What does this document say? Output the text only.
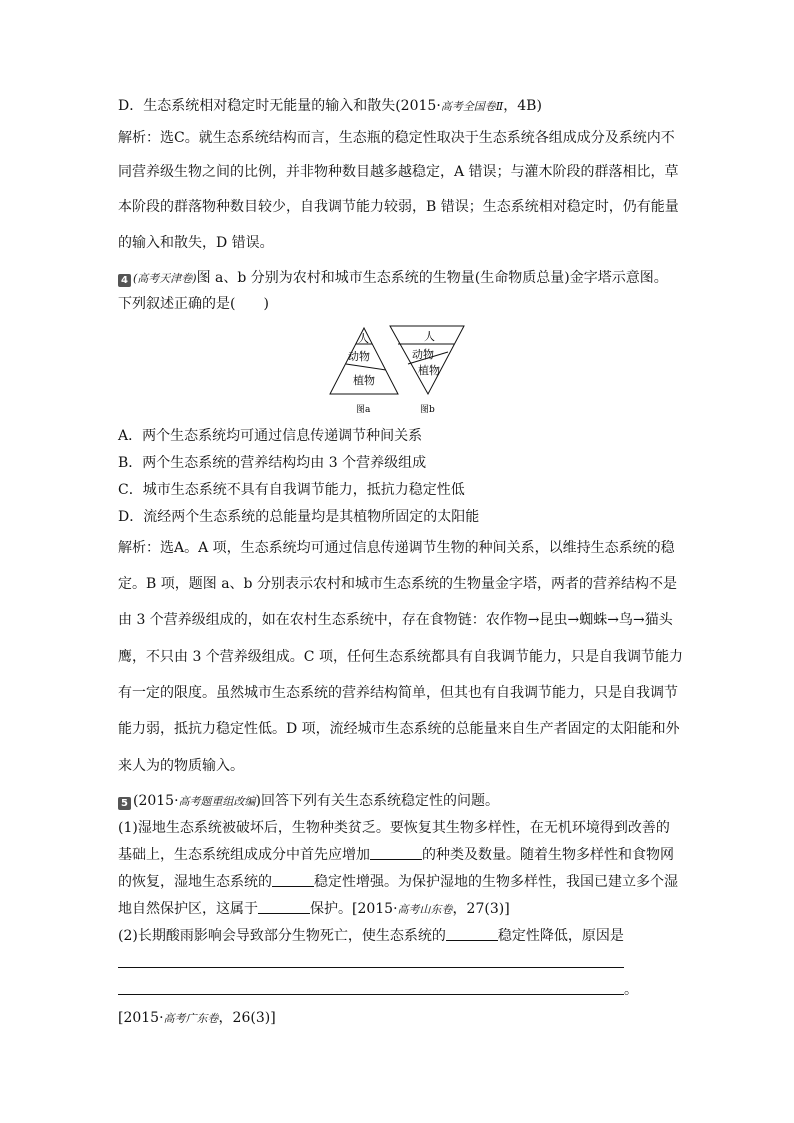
D．生态系统相对稳定时无能量的输入和散失(2015·高考全国卷Ⅱ，4B)
解析：选C。就生态系统结构而言，生态瓶的稳定性取决于生态系统各组成成分及系统内不
同营养级生物之间的比例，并非物种数目越多越稳定，A 错误；与灌木阶段的群落相比，草
本阶段的群落物种数目较少，自我调节能力较弱，B 错误；生态系统相对稳定时，仍有能量
的输入和散失，D 错误。
4 (高考天津卷)图 a、b 分别为农村和城市生态系统的生物量(生命物质总量)金字塔示意图。
下列叙述正确的是(　　)
人
动物
植物
图a
人
动物
植物
图b
A．两个生态系统均可通过信息传递调节种间关系
B．两个生态系统的营养结构均由 3 个营养级组成
C．城市生态系统不具有自我调节能力，抵抗力稳定性低
D．流经两个生态系统的总能量均是其植物所固定的太阳能
解析：选A。A 项，生态系统均可通过信息传递调节生物的种间关系，以维持生态系统的稳
定。B 项，题图 a、b 分别表示农村和城市生态系统的生物量金字塔，两者的营养结构不是
由 3 个营养级组成的，如在农村生态系统中，存在食物链：农作物→昆虫→蜘蛛→鸟→猫头
鹰，不只由 3 个营养级组成。C 项，任何生态系统都具有自我调节能力，只是自我调节能力
有一定的限度。虽然城市生态系统的营养结构简单，但其也有自我调节能力，只是自我调节
能力弱，抵抗力稳定性低。D 项，流经城市生态系统的总能量来自生产者固定的太阳能和外
来人为的物质输入。
5 (2015·高考题重组改编)回答下列有关生态系统稳定性的问题。
(1)湿地生态系统被破坏后，生物种类贫乏。要恢复其生物多样性，在无机环境得到改善的
基础上，生态系统组成成分中首先应增加	的种类及数量。随着生物多样性和食物网
的恢复，湿地生态系统的	稳定性增强。为保护湿地的生物多样性，我国已建立多个湿
地自然保护区，这属于	保护。[2015·高考山东卷，27(3)]
(2)长期酸雨影响会导致部分生物死亡，使生态系统的	稳定性降低，原因是
。
[2015·高考广东卷，26(3)]
